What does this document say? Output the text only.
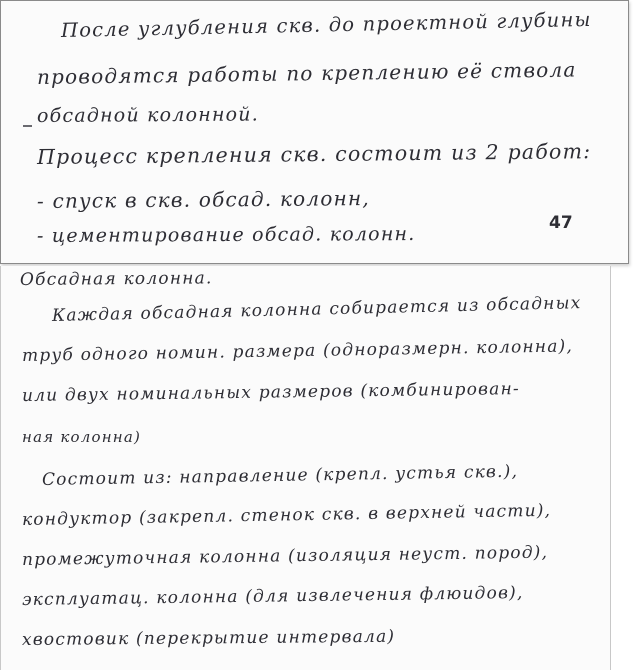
После углубления скв. до проектной глубины
проводятся работы по креплению её ствола
обсадной колонной.
Процесс крепления скв. состоит из 2 работ:
- спуск в скв. обсад. колонн,
- цементирование обсад. колонн.
47
Обсадная колонна.
Каждая обсадная колонна собирается из обсадных
труб одного номин. размера (одноразмерн. колонна),
или двух номинальных размеров (комбинирован-
ная колонна)
Состоит из: направление (крепл. устья скв.),
кондуктор (закрепл. стенок скв. в верхней части),
промежуточная колонна (изоляция неуст. пород),
эксплуатац. колонна (для извлечения флюидов),
хвостовик (перекрытие интервала)
